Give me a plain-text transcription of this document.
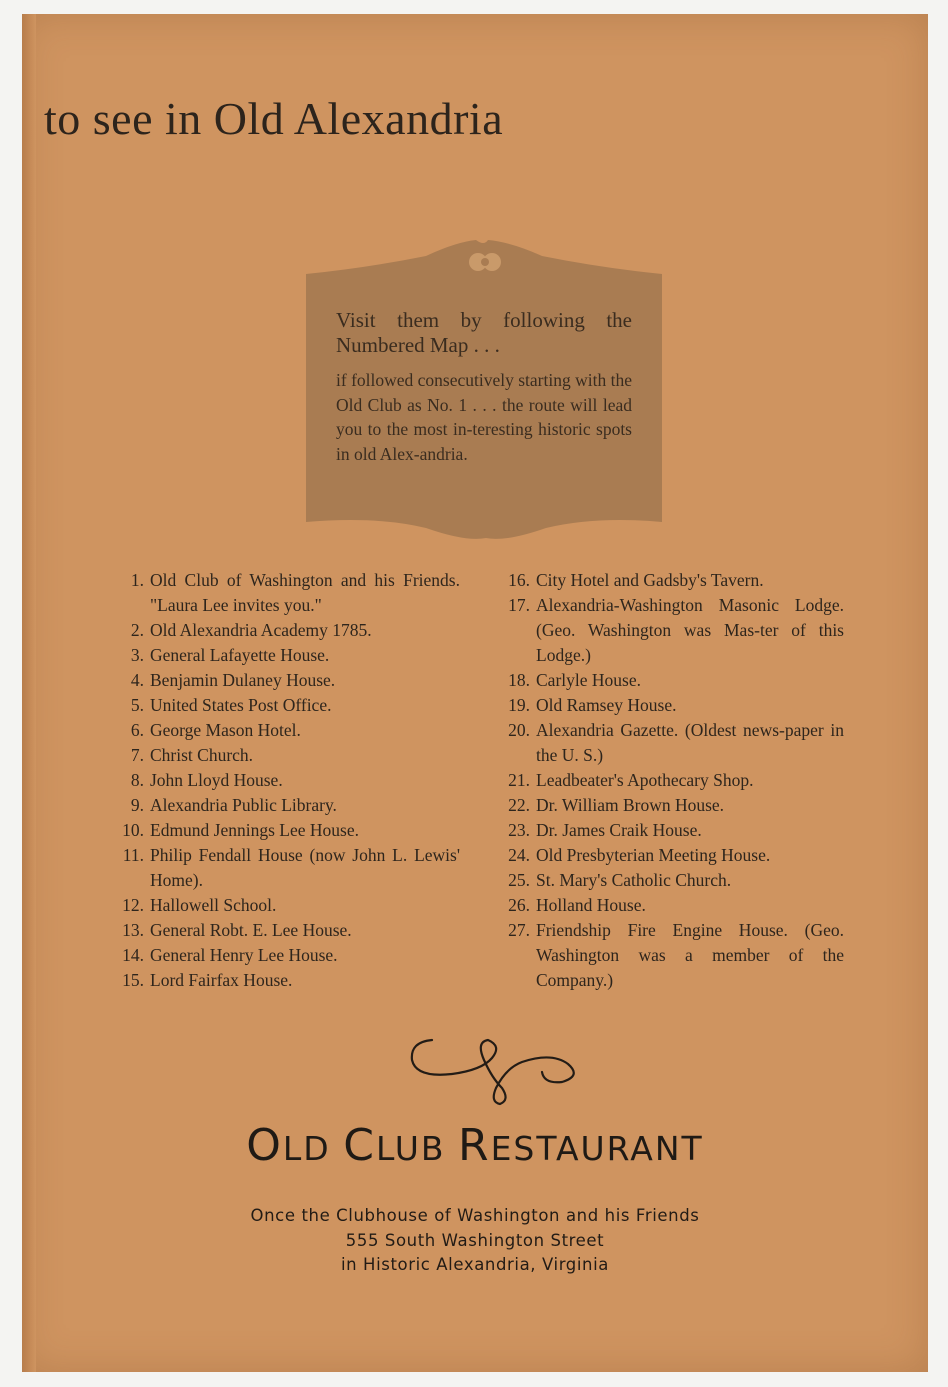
to see in Old Alexandria

Visit them by following the
Numbered Map . . .

if followed consecutively starting with the Old Club as No. 1 . . . the route will lead you to the most in-teresting historic spots in old Alex-andria.

1. Old Club of Washington and his Friends. "Laura Lee invites you."
2. Old Alexandria Academy 1785.
3. General Lafayette House.
4. Benjamin Dulaney House.
5. United States Post Office.
6. George Mason Hotel.
7. Christ Church.
8. John Lloyd House.
9. Alexandria Public Library.
10. Edmund Jennings Lee House.
11. Philip Fendall House (now John L. Lewis' Home).
12. Hallowell School.
13. General Robt. E. Lee House.
14. General Henry Lee House.
15. Lord Fairfax House.
16. City Hotel and Gadsby's Tavern.
17. Alexandria-Washington Masonic Lodge. (Geo. Washington was Mas-ter of this Lodge.)
18. Carlyle House.
19. Old Ramsey House.
20. Alexandria Gazette. (Oldest news-paper in the U. S.)
21. Leadbeater's Apothecary Shop.
22. Dr. William Brown House.
23. Dr. James Craik House.
24. Old Presbyterian Meeting House.
25. St. Mary's Catholic Church.
26. Holland House.
27. Friendship Fire Engine House. (Geo. Washington was a member of the Company.)
OLD CLUB RESTAURANT
Once the Clubhouse of Washington and his Friends
555 South Washington Street
in Historic Alexandria, Virginia
